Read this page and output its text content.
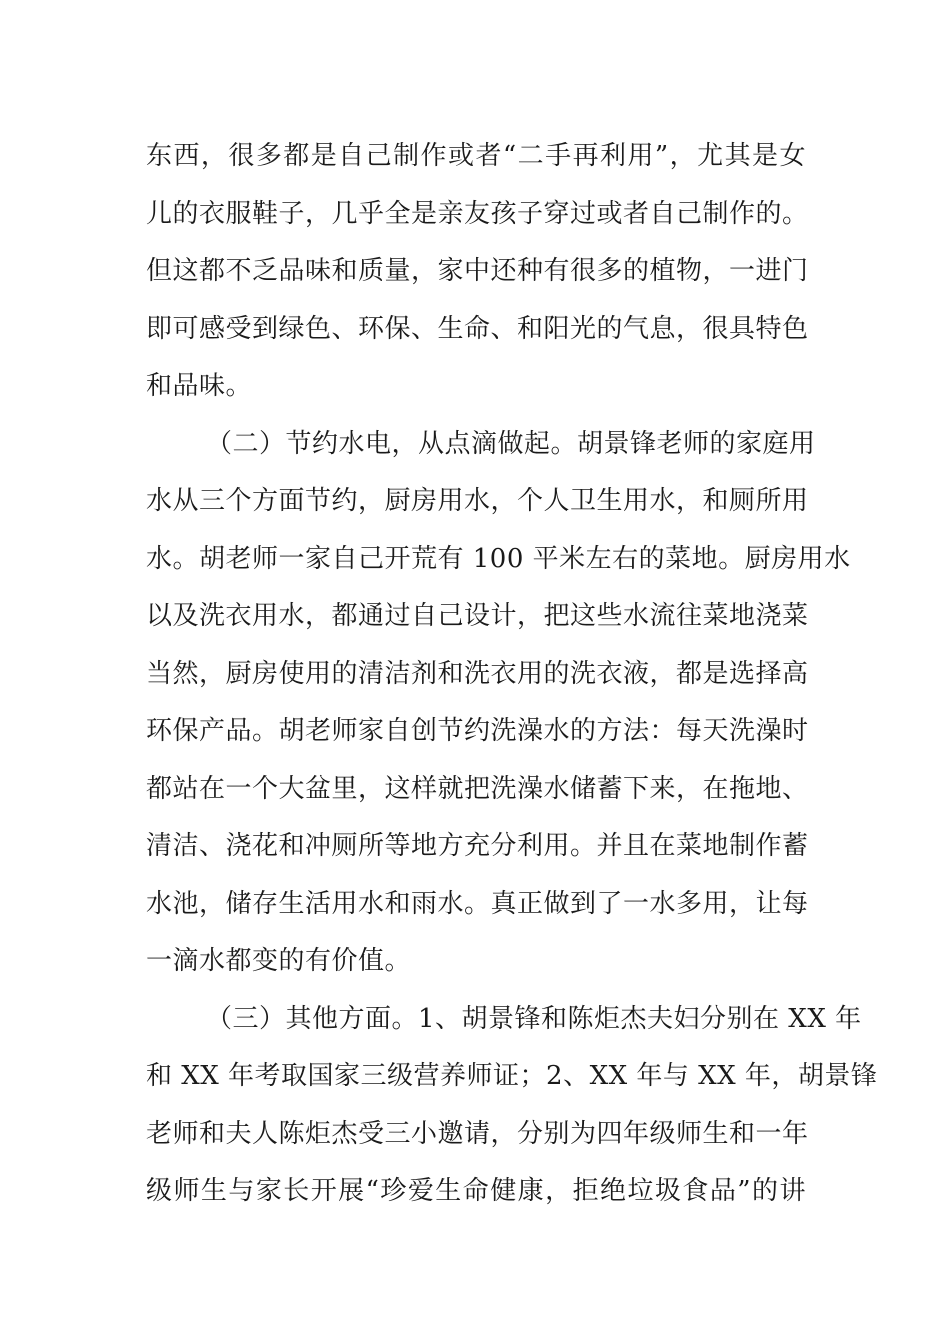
东西，很多都是自己制作或者“二手再利用”，尤其是女
儿的衣服鞋子，几乎全是亲友孩子穿过或者自己制作的。
但这都不乏品味和质量，家中还种有很多的植物，一进门
即可感受到绿色、环保、生命、和阳光的气息，很具特色
和品味。
（二）节约水电，从点滴做起。胡景锋老师的家庭用
水从三个方面节约，厨房用水，个人卫生用水，和厕所用
水。胡老师一家自己开荒有 100 平米左右的菜地。厨房用水
以及洗衣用水，都通过自己设计，把这些水流往菜地浇菜
当然，厨房使用的清洁剂和洗衣用的洗衣液，都是选择高
环保产品。胡老师家自创节约洗澡水的方法：每天洗澡时
都站在一个大盆里，这样就把洗澡水储蓄下来，在拖地、
清洁、浇花和冲厕所等地方充分利用。并且在菜地制作蓄
水池，储存生活用水和雨水。真正做到了一水多用，让每
一滴水都变的有价值。
（三）其他方面。1、胡景锋和陈炬杰夫妇分别在 XX 年
和 XX 年考取国家三级营养师证；2、XX 年与 XX 年，胡景锋
老师和夫人陈炬杰受三小邀请，分别为四年级师生和一年
级师生与家长开展“珍爱生命健康，拒绝垃圾食品”的讲
